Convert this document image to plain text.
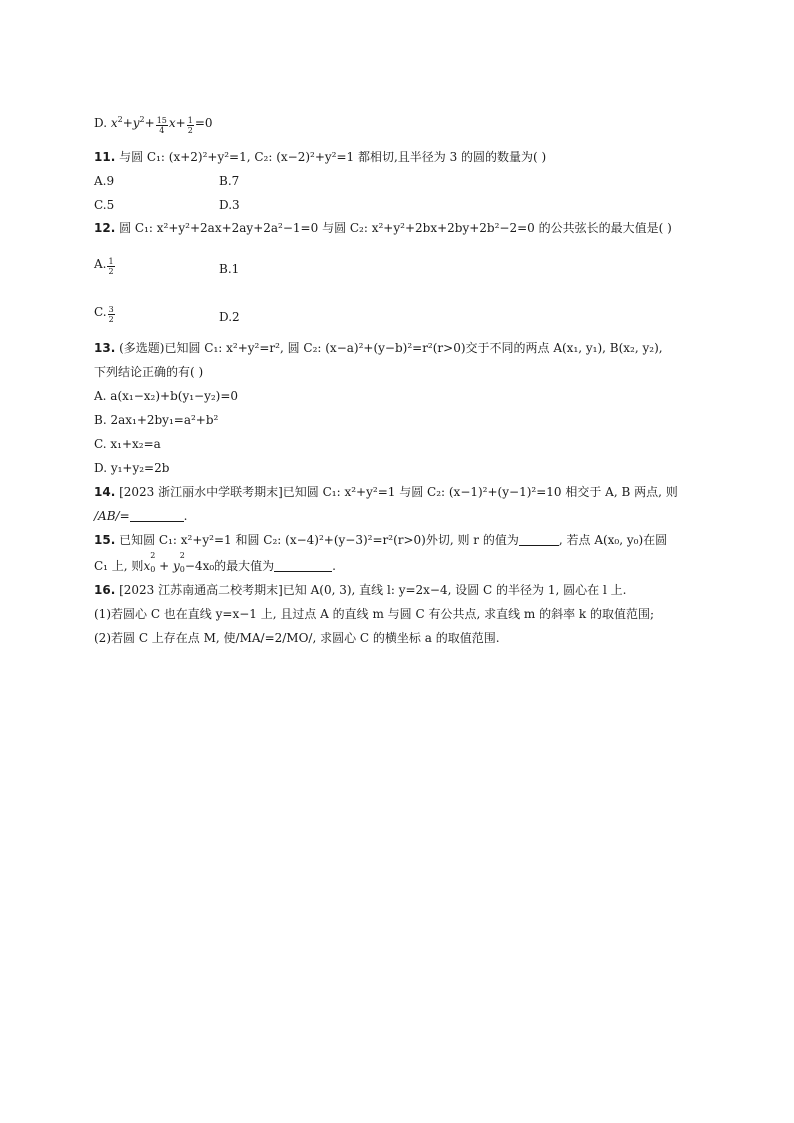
D. $x^2+y^2+ \frac{15}{4} x+ \frac{1}{2} =0$
11. 与圆 C₁: (x+2)²+y²=1, C₂: (x−2)²+y²=1 都相切,且半径为 3 的圆的数量为( )
A.9	B.7
C.5	D.3
12. 圆 C₁: x²+y²+2ax+2ay+2a²−1=0 与圆 C₂: x²+y²+2bx+2by+2b²−2=0 的公共弦长的最大值是( )
A. $\frac{1}{2}$	B.1
C. $\frac{3}{2}$	D.2
13. (多选题)已知圆 C₁: x²+y²=r², 圆 C₂: (x−a)²+(y−b)²=r²(r>0)交于不同的两点 A(x₁, y₁), B(x₂, y₂),
下列结论正确的有( )
A. a(x₁−x₂)+b(y₁−y₂)=0
B. 2ax₁+2by₁=a²+b²
C. x₁+x₂=a
D. y₁+y₂=2b
14. [2023 浙江丽水中学联考期末]已知圆 C₁: x²+y²=1 与圆 C₂: (x−1)²+(y−1)²=10 相交于 A, B 两点, 则
/AB/=	.
15. 已知圆 C₁: x²+y²=1 和圆 C₂: (x−4)²+(y−3)²=r²(r>0)外切, 则 r 的值为	, 若点 A(x₀, y₀)在圆
C₁ 上, 则$x_{0 2}$
+ $y_{0 2}$
−4x₀的最大值为	.
16. [2023 江苏南通高二校考期末]已知 A(0, 3), 直线 l: y=2x−4, 设圆 C 的半径为 1, 圆心在 l 上.
(1)若圆心 C 也在直线 y=x−1 上, 且过点 A 的直线 m 与圆 C 有公共点, 求直线 m 的斜率 k 的取值范围;
(2)若圆 C 上存在点 M, 使/MA/=2/MO/, 求圆心 C 的横坐标 a 的取值范围.
